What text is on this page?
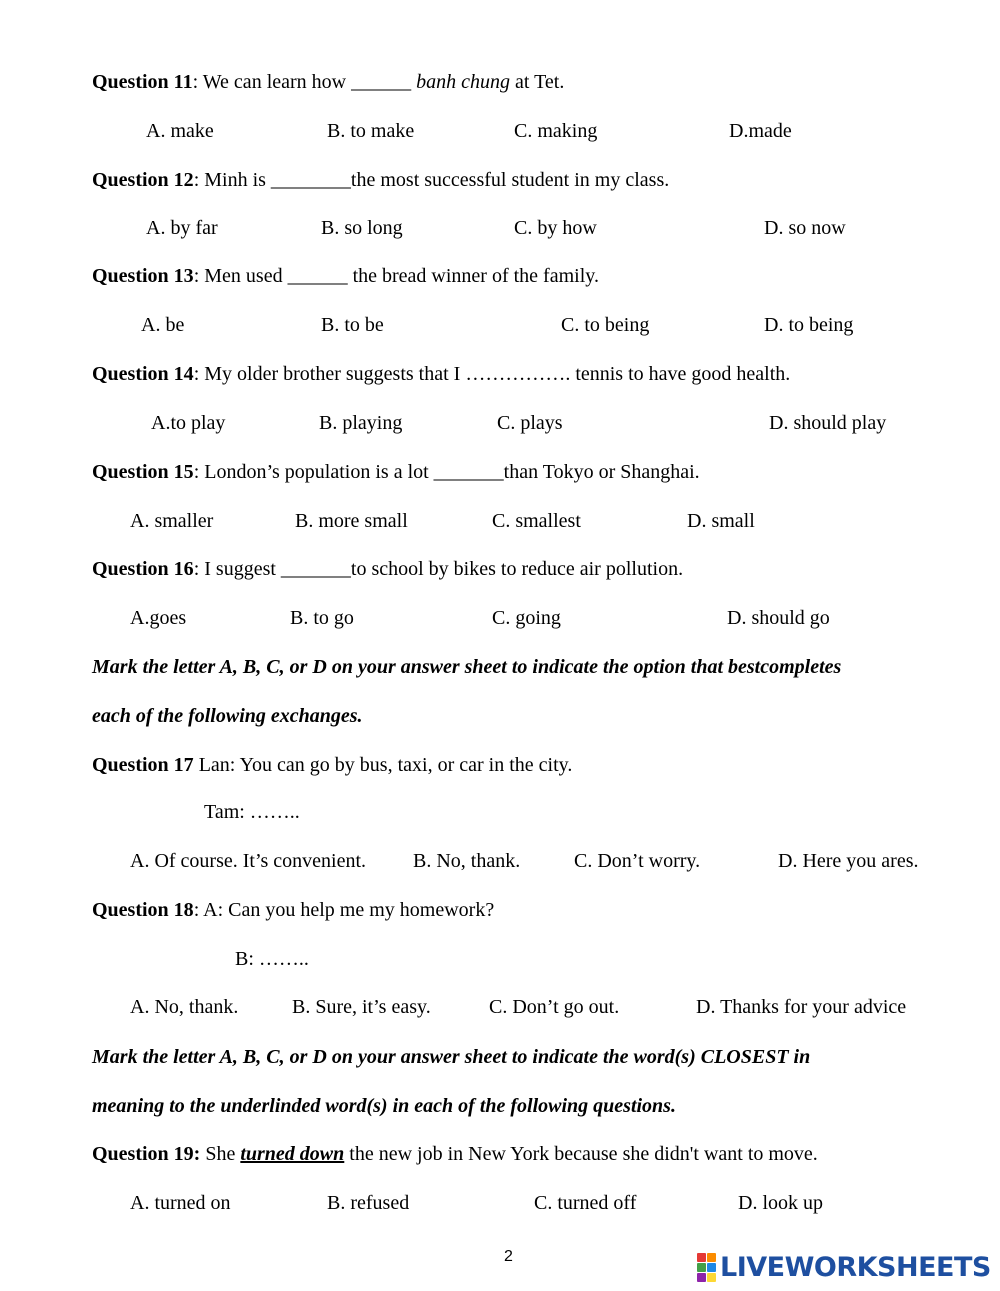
Question 11: We can learn how ______ banh chung at Tet.
A. make	B. to make	C. making	D.made
Question 12: Minh is ________the most successful student in my class.
A. by far	B. so long	C. by how	D. so now
Question 13: Men used ______ the bread winner of the family.
A. be	B. to be	C. to being	D. to being
Question 14: My older brother suggests that I ……………. tennis to have good health.
A.to play	B. playing	C. plays	D. should play
Question 15: London’s population is a lot _______than Tokyo or Shanghai.
A. smaller	B. more small	C. smallest	D. small
Question 16: I suggest _______to school by bikes to reduce air pollution.
A.goes	B. to go	C. going	D. should go
Mark the letter A, B, C, or D on your answer sheet to indicate the option that bestcompletes
each of the following exchanges.
Question 17 Lan: You can go by bus, taxi, or car in the city.
Tam: ……..
A. Of course. It’s convenient. B. No, thank.	C. Don’t worry.	D. Here you ares.
Question 18: A: Can you help me my homework?
B: ……..
A. No, thank.	B. Sure, it’s easy.	C. Don’t go out.	D. Thanks for your advice
Mark the letter A, B, C, or D on your answer sheet to indicate the word(s) CLOSEST in
meaning to the underlinded word(s) in each of the following questions.
Question 19: She turned down the new job in New York because she didn't want to move.
A. turned on	B. refused	C. turned off	D. look up
2	LIVEWORKSHEETS
